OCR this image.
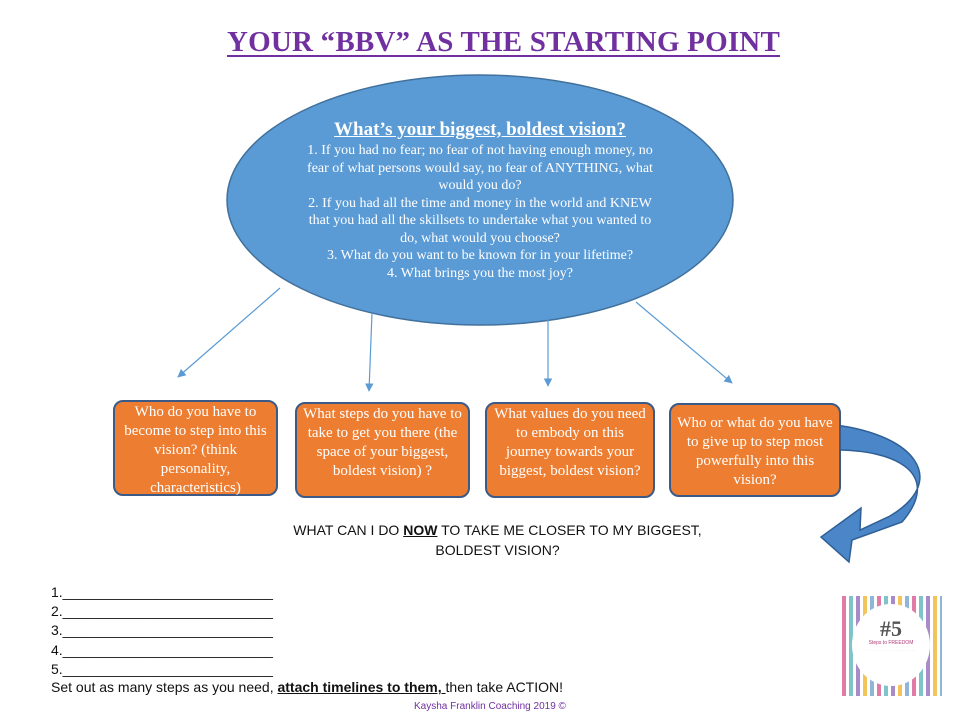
YOUR “BBV” AS THE STARTING POINT
What’s your biggest, boldest vision?
1. If you had no fear; no fear of not having enough money, no fear of what persons would say, no fear of ANYTHING, what would you do?
2. If you had all the time and money in the world and KNEW that you had all the skillsets to undertake what you wanted to do, what would you choose?
3. What do you want to be known for in your lifetime?
4. What brings you the most joy?
Who do you have to become to step into this vision? (think personality, characteristics)
What steps do you have to take to get you there (the space of your biggest, boldest vision) ?
What values do you need to embody on this journey towards your biggest, boldest vision?
Who or what do you have to give up to step most powerfully into this vision?
WHAT CAN I DO NOW TO TAKE ME CLOSER TO MY BIGGEST, BOLDEST VISION?
1.___________________________
2.___________________________
3.___________________________
4.___________________________
5.___________________________
Set out as many steps as you need, attach timelines to them, then take ACTION!
Kaysha Franklin Coaching 2019 ©
#5
Steps to FREEDOM
· · · · · · · · · · · · · · · · · · · · · · · · · · ·
